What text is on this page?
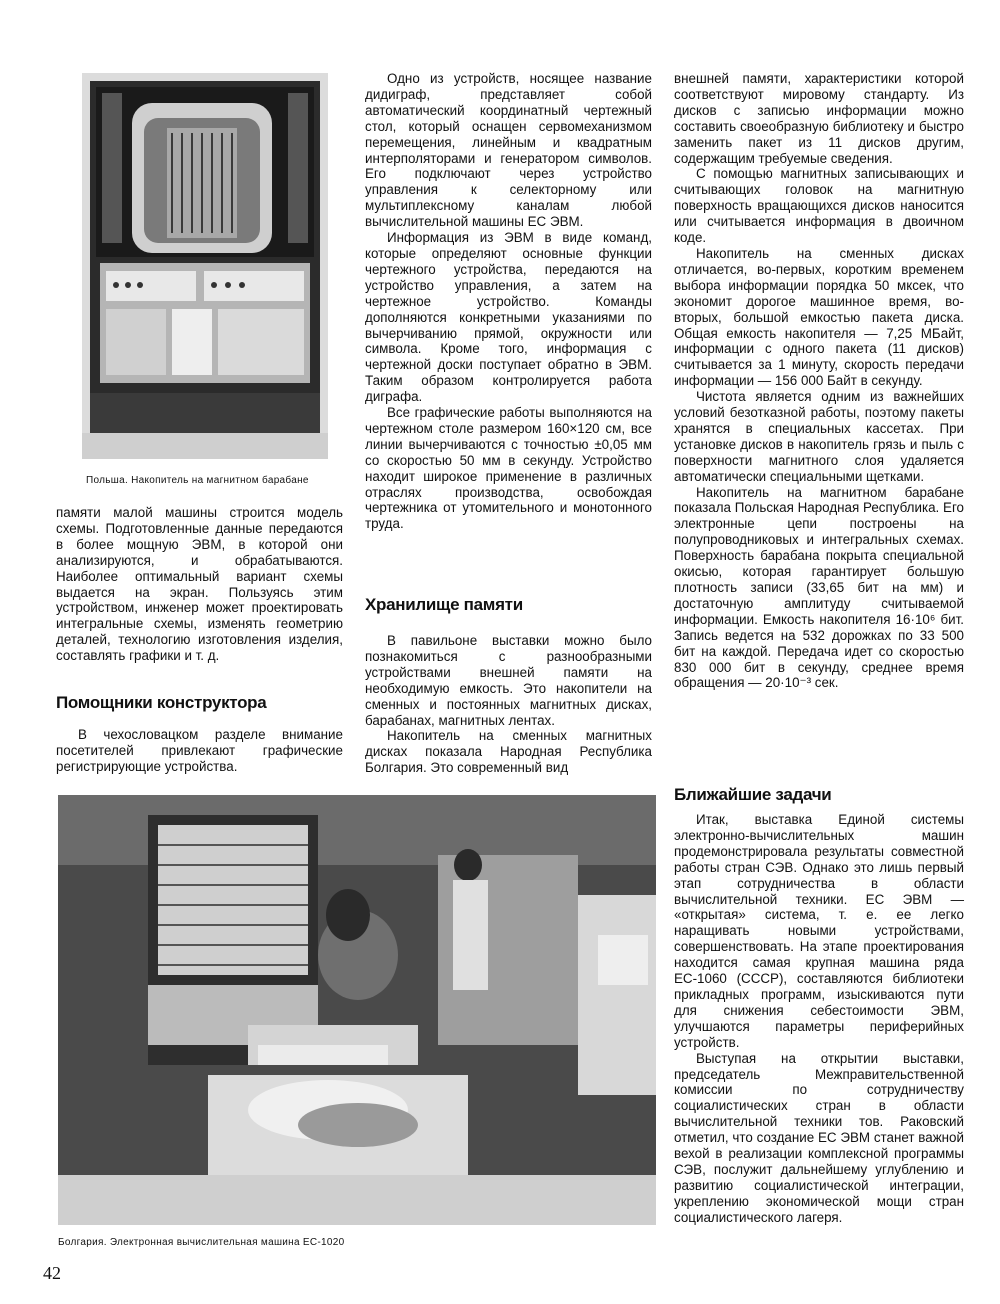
Польша. Накопитель на магнитном барабане

памяти малой машины строится модель схемы. Подготовленные данные передаются в более мощную ЭВМ, в которой они анализируются, и обрабатываются. Наиболее оптимальный вариант схемы выдается на экран. Пользуясь этим устройством, инженер может проектировать интегральные схемы, изменять геометрию деталей, технологию изготовления изделия, составлять графики и т. д.

Помощники конструктора

В чехословацком разделе внимание посетителей привлекают графические регистрирующие устройства.

Одно из устройств, носящее название дидиграф, представляет собой автоматический координатный чертежный стол, который оснащен сервомеханизмом перемещения, линейным и квадратным интерполяторами и генератором символов. Его подключают через устройство управления к селекторному или мультиплексному каналам любой вычислительной машины ЕС ЭВМ.

Информация из ЭВМ в виде команд, которые определяют основные функции чертежного устройства, передаются на устройство управления, а затем на чертежное устройство. Команды дополняются конкретными указаниями по вычерчиванию прямой, окружности или символа. Кроме того, информация с чертежной доски поступает обратно в ЭВМ. Таким образом контролируется работа диграфа.

Все графические работы выполняются на чертежном столе размером 160×120 см, все линии вычерчиваются с точностью ±0,05 мм со скоростью 50 мм в секунду. Устройство находит широкое применение в различных отраслях производства, освобождая чертежника от утомительного и монотонного труда.

Хранилище памяти

В павильоне выставки можно было познакомиться с разнообразными устройствами внешней памяти на необходимую емкость. Это накопители на сменных и постоянных магнитных дисках, барабанах, магнитных лентах.

Накопитель на сменных магнитных дисках показала Народная Республика Болгария. Это современный вид

внешней памяти, характеристики которой соответствуют мировому стандарту. Из дисков с записью информации можно составить своеобразную библиотеку и быстро заменить пакет из 11 дисков другим, содержащим требуемые сведения.

С помощью магнитных записывающих и считывающих головок на магнитную поверхность вращающихся дисков наносится или считывается информация в двоичном коде.

Накопитель на сменных дисках отличается, во-первых, коротким временем выбора информации порядка 50 мксек, что экономит дорогое машинное время, во-вторых, большой емкостью пакета диска. Общая емкость накопителя — 7,25 МБайт, информации с одного пакета (11 дисков) считывается за 1 минуту, скорость передачи информации — 156 000 Байт в секунду.

Чистота является одним из важнейших условий безотказной работы, поэтому пакеты хранятся в специальных кассетах. При установке дисков в накопитель грязь и пыль с поверхности магнитного слоя удаляется автоматически специальными щетками.

Накопитель на магнитном барабане показала Польская Народная Республика. Его электронные цепи построены на полупроводниковых и интегральных схемах. Поверхность барабана покрыта специальной окисью, которая гарантирует большую плотность записи (33,65 бит на мм) и достаточную амплитуду считываемой информации. Емкость накопителя 16·10⁶ бит. Запись ведется на 532 дорожках по 33 500 бит на каждой. Передача идет со скоростью 830 000 бит в секунду, среднее время обращения — 20·10⁻³ сек.

Ближайшие задачи

Итак, выставка Единой системы электронно-вычислительных машин продемонстрировала результаты совместной работы стран СЭВ. Однако это лишь первый этап сотрудничества в области вычислительной техники. ЕС ЭВМ — «открытая» система, т. е. ее легко наращивать новыми устройствами, совершенствовать. На этапе проектирования находится самая крупная машина ряда ЕС-1060 (СССР), составляются библиотеки прикладных программ, изыскиваются пути для снижения себестоимости ЭВМ, улучшаются параметры периферийных устройств.

Выступая на открытии выставки, председатель Межправительственной комиссии по сотрудничеству социалистических стран в области вычислительной техники тов. Раковский отметил, что создание ЕС ЭВМ станет важной вехой в реализации комплексной программы СЭВ, послужит дальнейшему углублению и развитию социалистической интеграции, укреплению экономической мощи стран социалистического лагеря.

Болгария. Электронная вычислительная машина ЕС-1020
42
